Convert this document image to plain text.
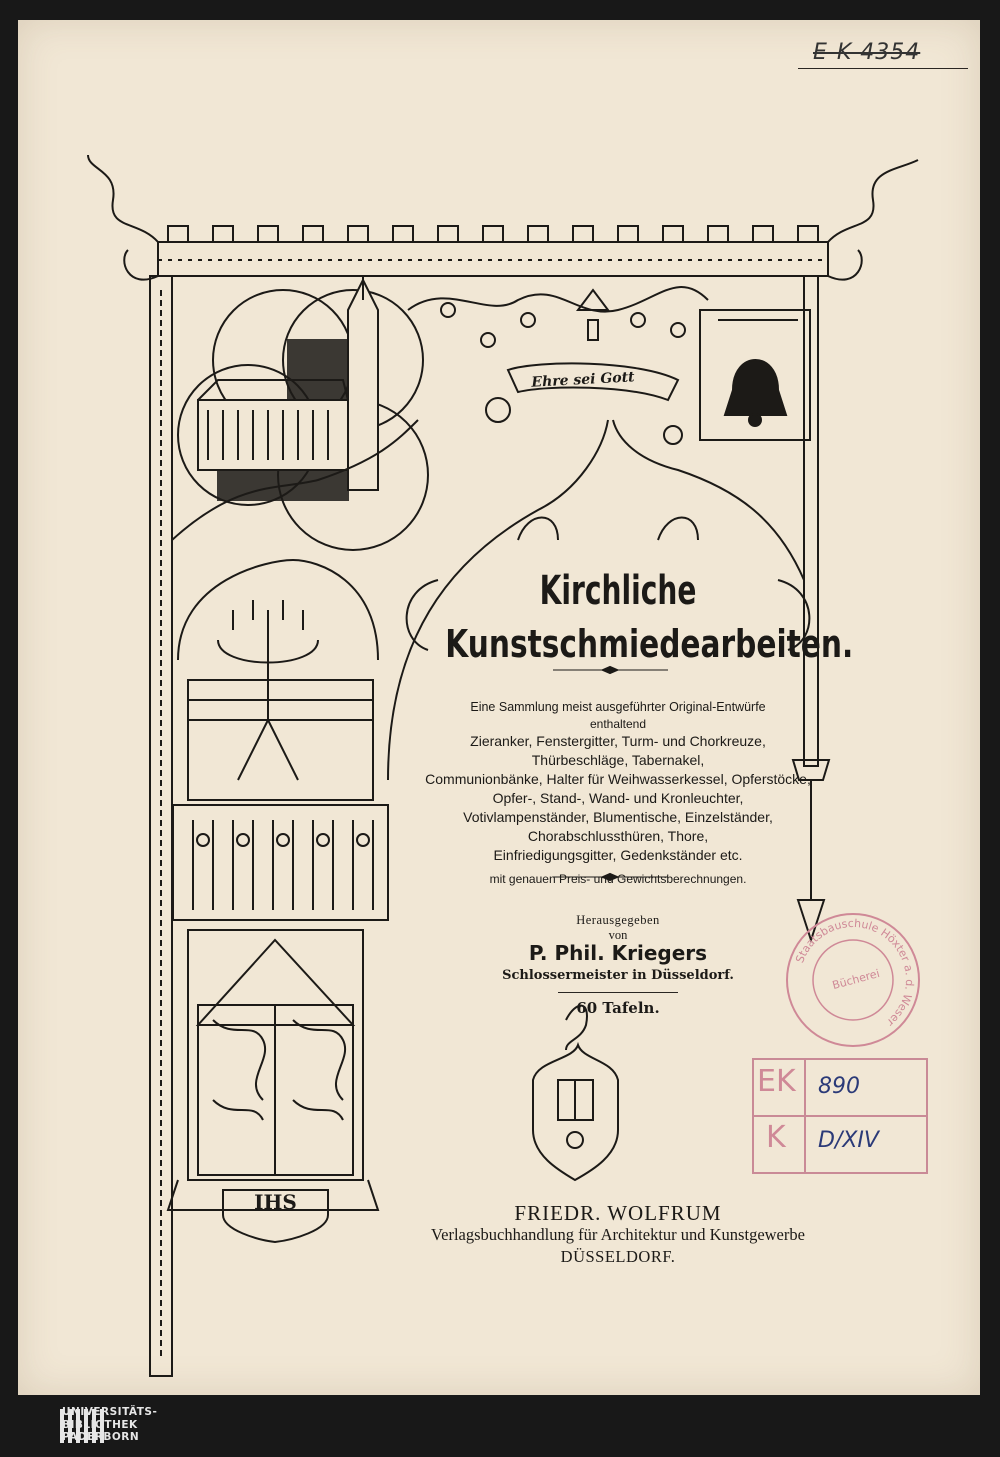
E-K 4354
Ehre sei Gott
IHS
Kirchliche
Kunstschmiedearbeiten.
Eine Sammlung meist ausgeführter Original-Entwürfe
enthaltend
Zieranker, Fenstergitter, Turm- und Chorkreuze,
Thürbeschläge, Tabernakel,
Communionbänke, Halter für Weihwasserkessel, Opferstöcke,
Opfer-, Stand-, Wand- und Kronleuchter,
Votivlampenständer, Blumentische, Einzelständer,
Chorabschlussthüren, Thore,
Einfriedigungsgitter, Gedenkständer etc.
mit genauen Preis- und Gewichtsberechnungen.
Herausgegeben
von
P. Phil. Kriegers
Schlossermeister in Düsseldorf.
60 Tafeln.
FRIEDR. WOLFRUM
Verlagsbuchhandlung für Architektur und Kunstgewerbe
DÜSSELDORF.
Staatsbauschule Höxter a. d. Weser
Bücherei
EK
K
890
D/XIV
UNIVERSITÄTS-
BIBLIOTHEK
PADERBORN
